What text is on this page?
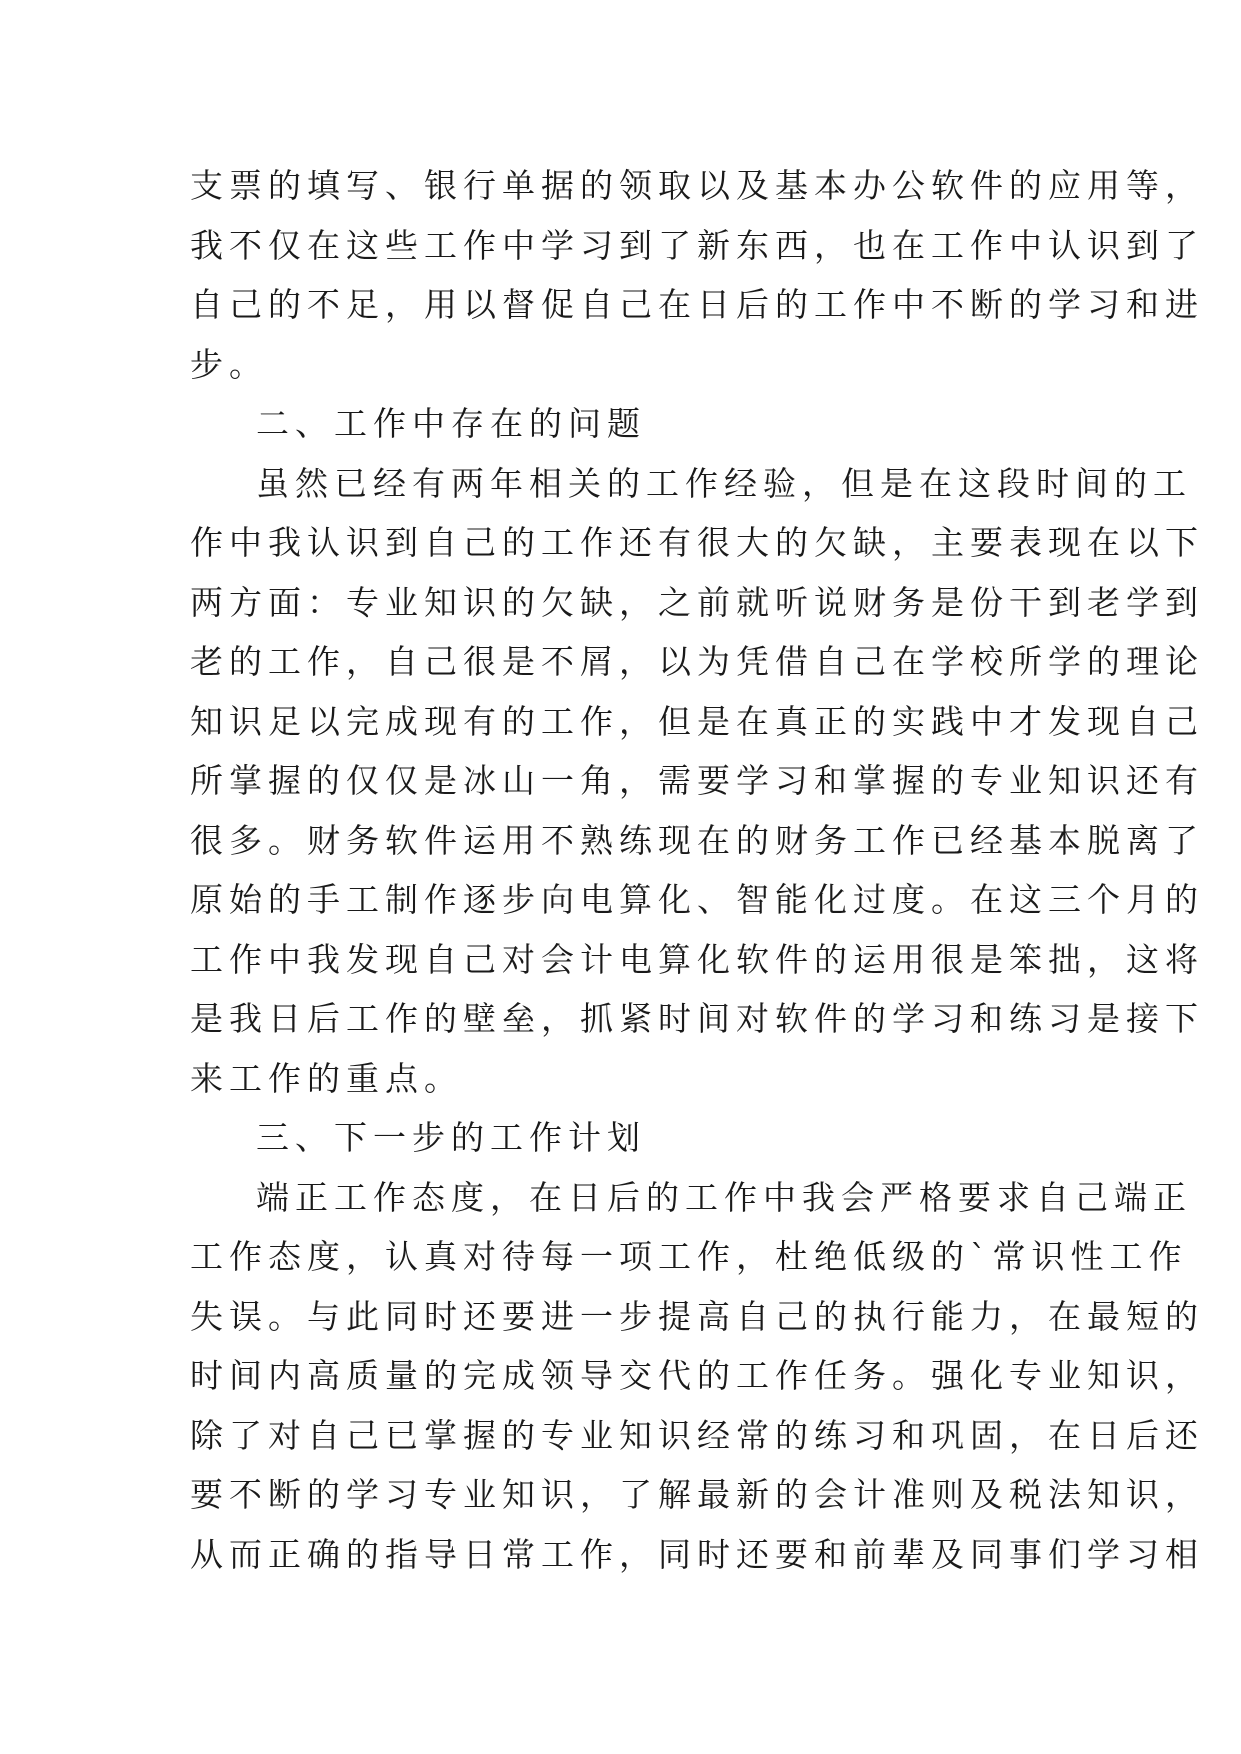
支票的填写、银行单据的领取以及基本办公软件的应用等，
我不仅在这些工作中学习到了新东西，也在工作中认识到了
自己的不足，用以督促自己在日后的工作中不断的学习和进
步。
二、工作中存在的问题
虽然已经有两年相关的工作经验，但是在这段时间的工
作中我认识到自己的工作还有很大的欠缺，主要表现在以下
两方面：专业知识的欠缺，之前就听说财务是份干到老学到
老的工作，自己很是不屑，以为凭借自己在学校所学的理论
知识足以完成现有的工作，但是在真正的实践中才发现自己
所掌握的仅仅是冰山一角，需要学习和掌握的专业知识还有
很多。财务软件运用不熟练现在的财务工作已经基本脱离了
原始的手工制作逐步向电算化、智能化过度。在这三个月的
工作中我发现自己对会计电算化软件的运用很是笨拙，这将
是我日后工作的壁垒，抓紧时间对软件的学习和练习是接下
来工作的重点。
三、下一步的工作计划
端正工作态度，在日后的工作中我会严格要求自己端正
工作态度，认真对待每一项工作，杜绝低级的`常识性工作
失误。与此同时还要进一步提高自己的执行能力，在最短的
时间内高质量的完成领导交代的工作任务。强化专业知识，
除了对自己已掌握的专业知识经常的练习和巩固，在日后还
要不断的学习专业知识，了解最新的会计准则及税法知识，
从而正确的指导日常工作，同时还要和前辈及同事们学习相
